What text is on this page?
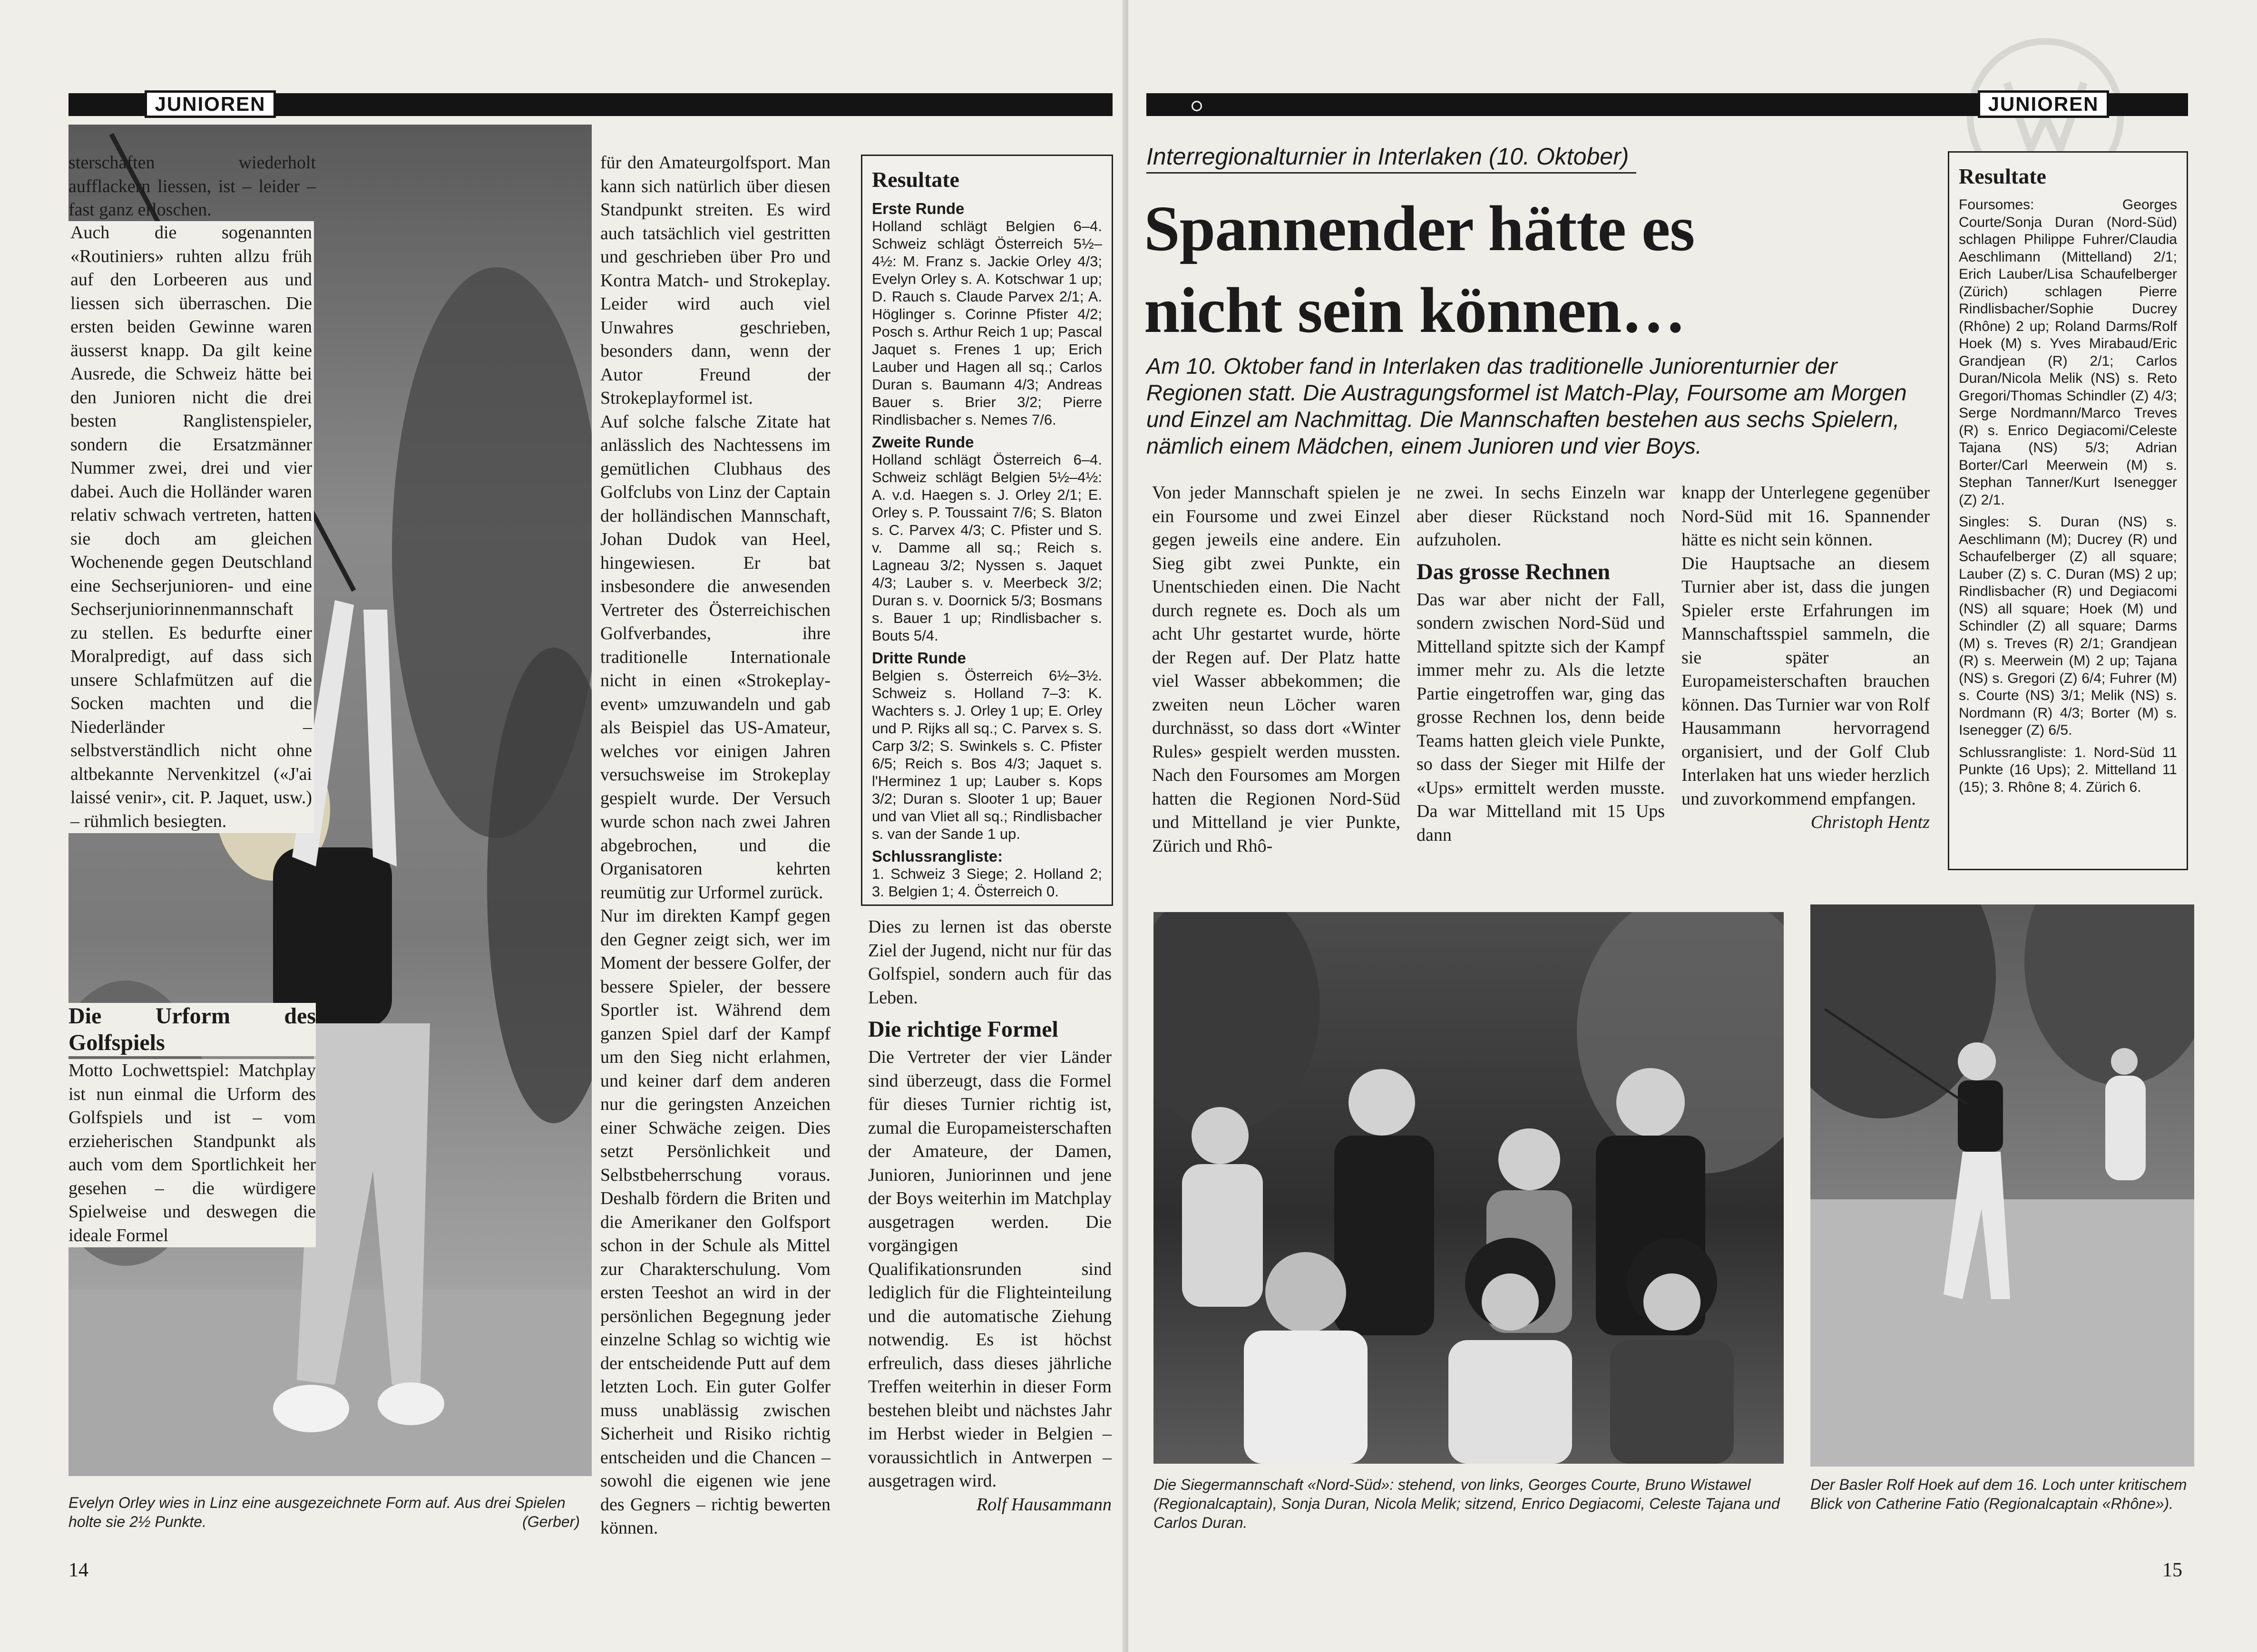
JUNIOREN

sterschaften wiederholt aufflackern liessen, ist – leider – fast ganz erloschen.

Auch die sogenannten «Routiniers» ruhten allzu früh auf den Lorbeeren aus und liessen sich überraschen. Die ersten beiden Gewinne waren äusserst knapp. Da gilt keine Ausrede, die Schweiz hätte bei den Junioren nicht die drei besten Ranglistenspieler, sondern die Ersatzmänner Nummer zwei, drei und vier dabei. Auch die Holländer waren relativ schwach vertreten, hatten sie doch am gleichen Wochenende gegen Deutschland eine Sechserjunioren- und eine Sechserjuniorinnenmannschaft zu stellen. Es bedurfte einer Moralpredigt, auf dass sich unsere Schlafmützen auf die Socken machten und die Niederländer – selbstverständlich nicht ohne altbekannte Nervenkitzel («J'ai laissé venir», cit. P. Jaquet, usw.) – rühmlich besiegten.

Die Urform des Golfspiels

Motto Lochwettspiel: Matchplay ist nun einmal die Urform des Golfspiels und ist – vom erzieherischen Standpunkt als auch vom dem Sportlichkeit her gesehen – die würdigere Spielweise und deswegen die ideale Formel

Evelyn Orley wies in Linz eine ausgezeichnete Form auf. Aus drei Spielen holte sie 2½ Punkte.	(Gerber)

für den Amateurgolfsport. Man kann sich natürlich über diesen Standpunkt streiten. Es wird auch tatsächlich viel gestritten und geschrieben über Pro und Kontra Match- und Strokeplay. Leider wird auch viel Unwahres geschrieben, besonders dann, wenn der Autor Freund der Strokeplayformel ist.

Auf solche falsche Zitate hat anlässlich des Nachtessens im gemütlichen Clubhaus des Golfclubs von Linz der Captain der holländischen Mannschaft, Johan Dudok van Heel, hingewiesen. Er bat insbesondere die anwesenden Vertreter des Österreichischen Golfverbandes, ihre traditionelle Internationale nicht in einen «Strokeplay-event» umzuwandeln und gab als Beispiel das US-Amateur, welches vor einigen Jahren versuchsweise im Strokeplay gespielt wurde. Der Versuch wurde schon nach zwei Jahren abgebrochen, und die Organisatoren kehrten reumütig zur Urformel zurück.

Nur im direkten Kampf gegen den Gegner zeigt sich, wer im Moment der bessere Golfer, der bessere Spieler, der bessere Sportler ist. Während dem ganzen Spiel darf der Kampf um den Sieg nicht erlahmen, und keiner darf dem anderen nur die geringsten Anzeichen einer Schwäche zeigen. Dies setzt Persönlichkeit und Selbstbeherrschung voraus. Deshalb fördern die Briten und die Amerikaner den Golfsport schon in der Schule als Mittel zur Charakterschulung. Vom ersten Teeshot an wird in der persönlichen Begegnung jeder einzelne Schlag so wichtig wie der entscheidende Putt auf dem letzten Loch. Ein guter Golfer muss unablässig zwischen Sicherheit und Risiko richtig entscheiden und die Chancen – sowohl die eigenen wie jene des Gegners – richtig bewerten können.

Resultate
Erste Runde

Holland schlägt Belgien 6–4. Schweiz schlägt Österreich 5½–4½: M. Franz s. Jackie Orley 4/3; Evelyn Orley s. A. Kotschwar 1 up; D. Rauch s. Claude Parvex 2/1; A. Höglinger s. Corinne Pfister 4/2; Posch s. Arthur Reich 1 up; Pascal Jaquet s. Frenes 1 up; Erich Lauber und Hagen all sq.; Carlos Duran s. Baumann 4/3; Andreas Bauer s. Brier 3/2; Pierre Rindlisbacher s. Nemes 7/6.

Zweite Runde

Holland schlägt Österreich 6–4. Schweiz schlägt Belgien 5½–4½: A. v.d. Haegen s. J. Orley 2/1; E. Orley s. P. Toussaint 7/6; S. Blaton s. C. Parvex 4/3; C. Pfister und S. v. Damme all sq.; Reich s. Lagneau 3/2; Nyssen s. Jaquet 4/3; Lauber s. v. Meerbeck 3/2; Duran s. v. Doornick 5/3; Bosmans s. Bauer 1 up; Rindlisbacher s. Bouts 5/4.

Dritte Runde

Belgien s. Österreich 6½–3½. Schweiz s. Holland 7–3: K. Wachters s. J. Orley 1 up; E. Orley und P. Rijks all sq.; C. Parvex s. S. Carp 3/2; S. Swinkels s. C. Pfister 6/5; Reich s. Bos 4/3; Jaquet s. l'Herminez 1 up; Lauber s. Kops 3/2; Duran s. Slooter 1 up; Bauer und van Vliet all sq.; Rindlisbacher s. van der Sande 1 up.

Schlussrangliste:

1. Schweiz 3 Siege; 2. Holland 2; 3. Belgien 1; 4. Österreich 0.

Dies zu lernen ist das oberste Ziel der Jugend, nicht nur für das Golfspiel, sondern auch für das Leben.

Die richtige Formel

Die Vertreter der vier Länder sind überzeugt, dass die Formel für dieses Turnier richtig ist, zumal die Europameisterschaften der Amateure, der Damen, Junioren, Juniorinnen und jene der Boys weiterhin im Matchplay ausgetragen werden. Die vorgängigen Qualifikationsrunden sind lediglich für die Flighteinteilung und die automatische Ziehung notwendig. Es ist höchst erfreulich, dass dieses jährliche Treffen weiterhin in dieser Form bestehen bleibt und nächstes Jahr im Herbst wieder in Belgien – voraussichtlich in Antwerpen – ausgetragen wird.

Rolf Hausammann

14

JUNIOREN
Interregionalturnier in Interlaken (10. Oktober)
Spannender hätte es
nicht sein können…
Am 10. Oktober fand in Interlaken das traditionelle Juniorenturnier der Regionen statt. Die Austragungsformel ist Match-Play, Foursome am Morgen und Einzel am Nachmittag. Die Mannschaften bestehen aus sechs Spielern, nämlich einem Mädchen, einem Junioren und vier Boys.
Resultate

Foursomes: Georges Courte/Sonja Duran (Nord-Süd) schlagen Philippe Fuhrer/Claudia Aeschlimann (Mittelland) 2/1; Erich Lauber/Lisa Schaufelberger (Zürich) schlagen Pierre Rindlisbacher/Sophie Ducrey (Rhône) 2 up; Roland Darms/Rolf Hoek (M) s. Yves Mirabaud/Eric Grandjean (R) 2/1; Carlos Duran/Nicola Melik (NS) s. Reto Gregori/Thomas Schindler (Z) 4/3; Serge Nordmann/Marco Treves (R) s. Enrico Degiacomi/Celeste Tajana (NS) 5/3; Adrian Borter/Carl Meerwein (M) s. Stephan Tanner/Kurt Isenegger (Z) 2/1.

Singles: S. Duran (NS) s. Aeschlimann (M); Ducrey (R) und Schaufelberger (Z) all square; Lauber (Z) s. C. Duran (MS) 2 up; Rindlisbacher (R) und Degiacomi (NS) all square; Hoek (M) und Schindler (Z) all square; Darms (M) s. Treves (R) 2/1; Grandjean (R) s. Meerwein (M) 2 up; Tajana (NS) s. Gregori (Z) 6/4; Fuhrer (M) s. Courte (NS) 3/1; Melik (NS) s. Nordmann (R) 4/3; Borter (M) s. Isenegger (Z) 6/5.

Schlussrangliste: 1. Nord-Süd 11 Punkte (16 Ups); 2. Mittelland 11 (15); 3. Rhône 8; 4. Zürich 6.

Von jeder Mannschaft spielen je ein Foursome und zwei Einzel gegen jeweils eine andere. Ein Sieg gibt zwei Punkte, ein Unentschieden einen. Die Nacht durch regnete es. Doch als um acht Uhr gestartet wurde, hörte der Regen auf. Der Platz hatte viel Wasser abbekommen; die zweiten neun Löcher waren durchnässt, so dass dort «Winter Rules» gespielt werden mussten. Nach den Foursomes am Morgen hatten die Regionen Nord-Süd und Mittelland je vier Punkte, Zürich und Rhô-

ne zwei. In sechs Einzeln war aber dieser Rückstand noch aufzuholen.

Das grosse Rechnen

Das war aber nicht der Fall, sondern zwischen Nord-Süd und Mittelland spitzte sich der Kampf immer mehr zu. Als die letzte Partie eingetroffen war, ging das grosse Rechnen los, denn beide Teams hatten gleich viele Punkte, so dass der Sieger mit Hilfe der «Ups» ermittelt werden musste. Da war Mittelland mit 15 Ups dann

knapp der Unterlegene gegenüber Nord-Süd mit 16. Spannender hätte es nicht sein können.

Die Hauptsache an diesem Turnier aber ist, dass die jungen Spieler erste Erfahrungen im Mannschaftsspiel sammeln, die sie später an Europameisterschaften brauchen können. Das Turnier war von Rolf Hausammann hervorragend organisiert, und der Golf Club Interlaken hat uns wieder herzlich und zuvorkommend empfangen.

Christoph Hentz

Die Siegermannschaft «Nord-Süd»: stehend, von links, Georges Courte, Bruno Wistawel (Regionalcaptain), Sonja Duran, Nicola Melik; sitzend, Enrico Degiacomi, Celeste Tajana und Carlos Duran.
Der Basler Rolf Hoek auf dem 16. Loch unter kritischem Blick von Catherine Fatio (Regionalcaptain «Rhône»).
15
